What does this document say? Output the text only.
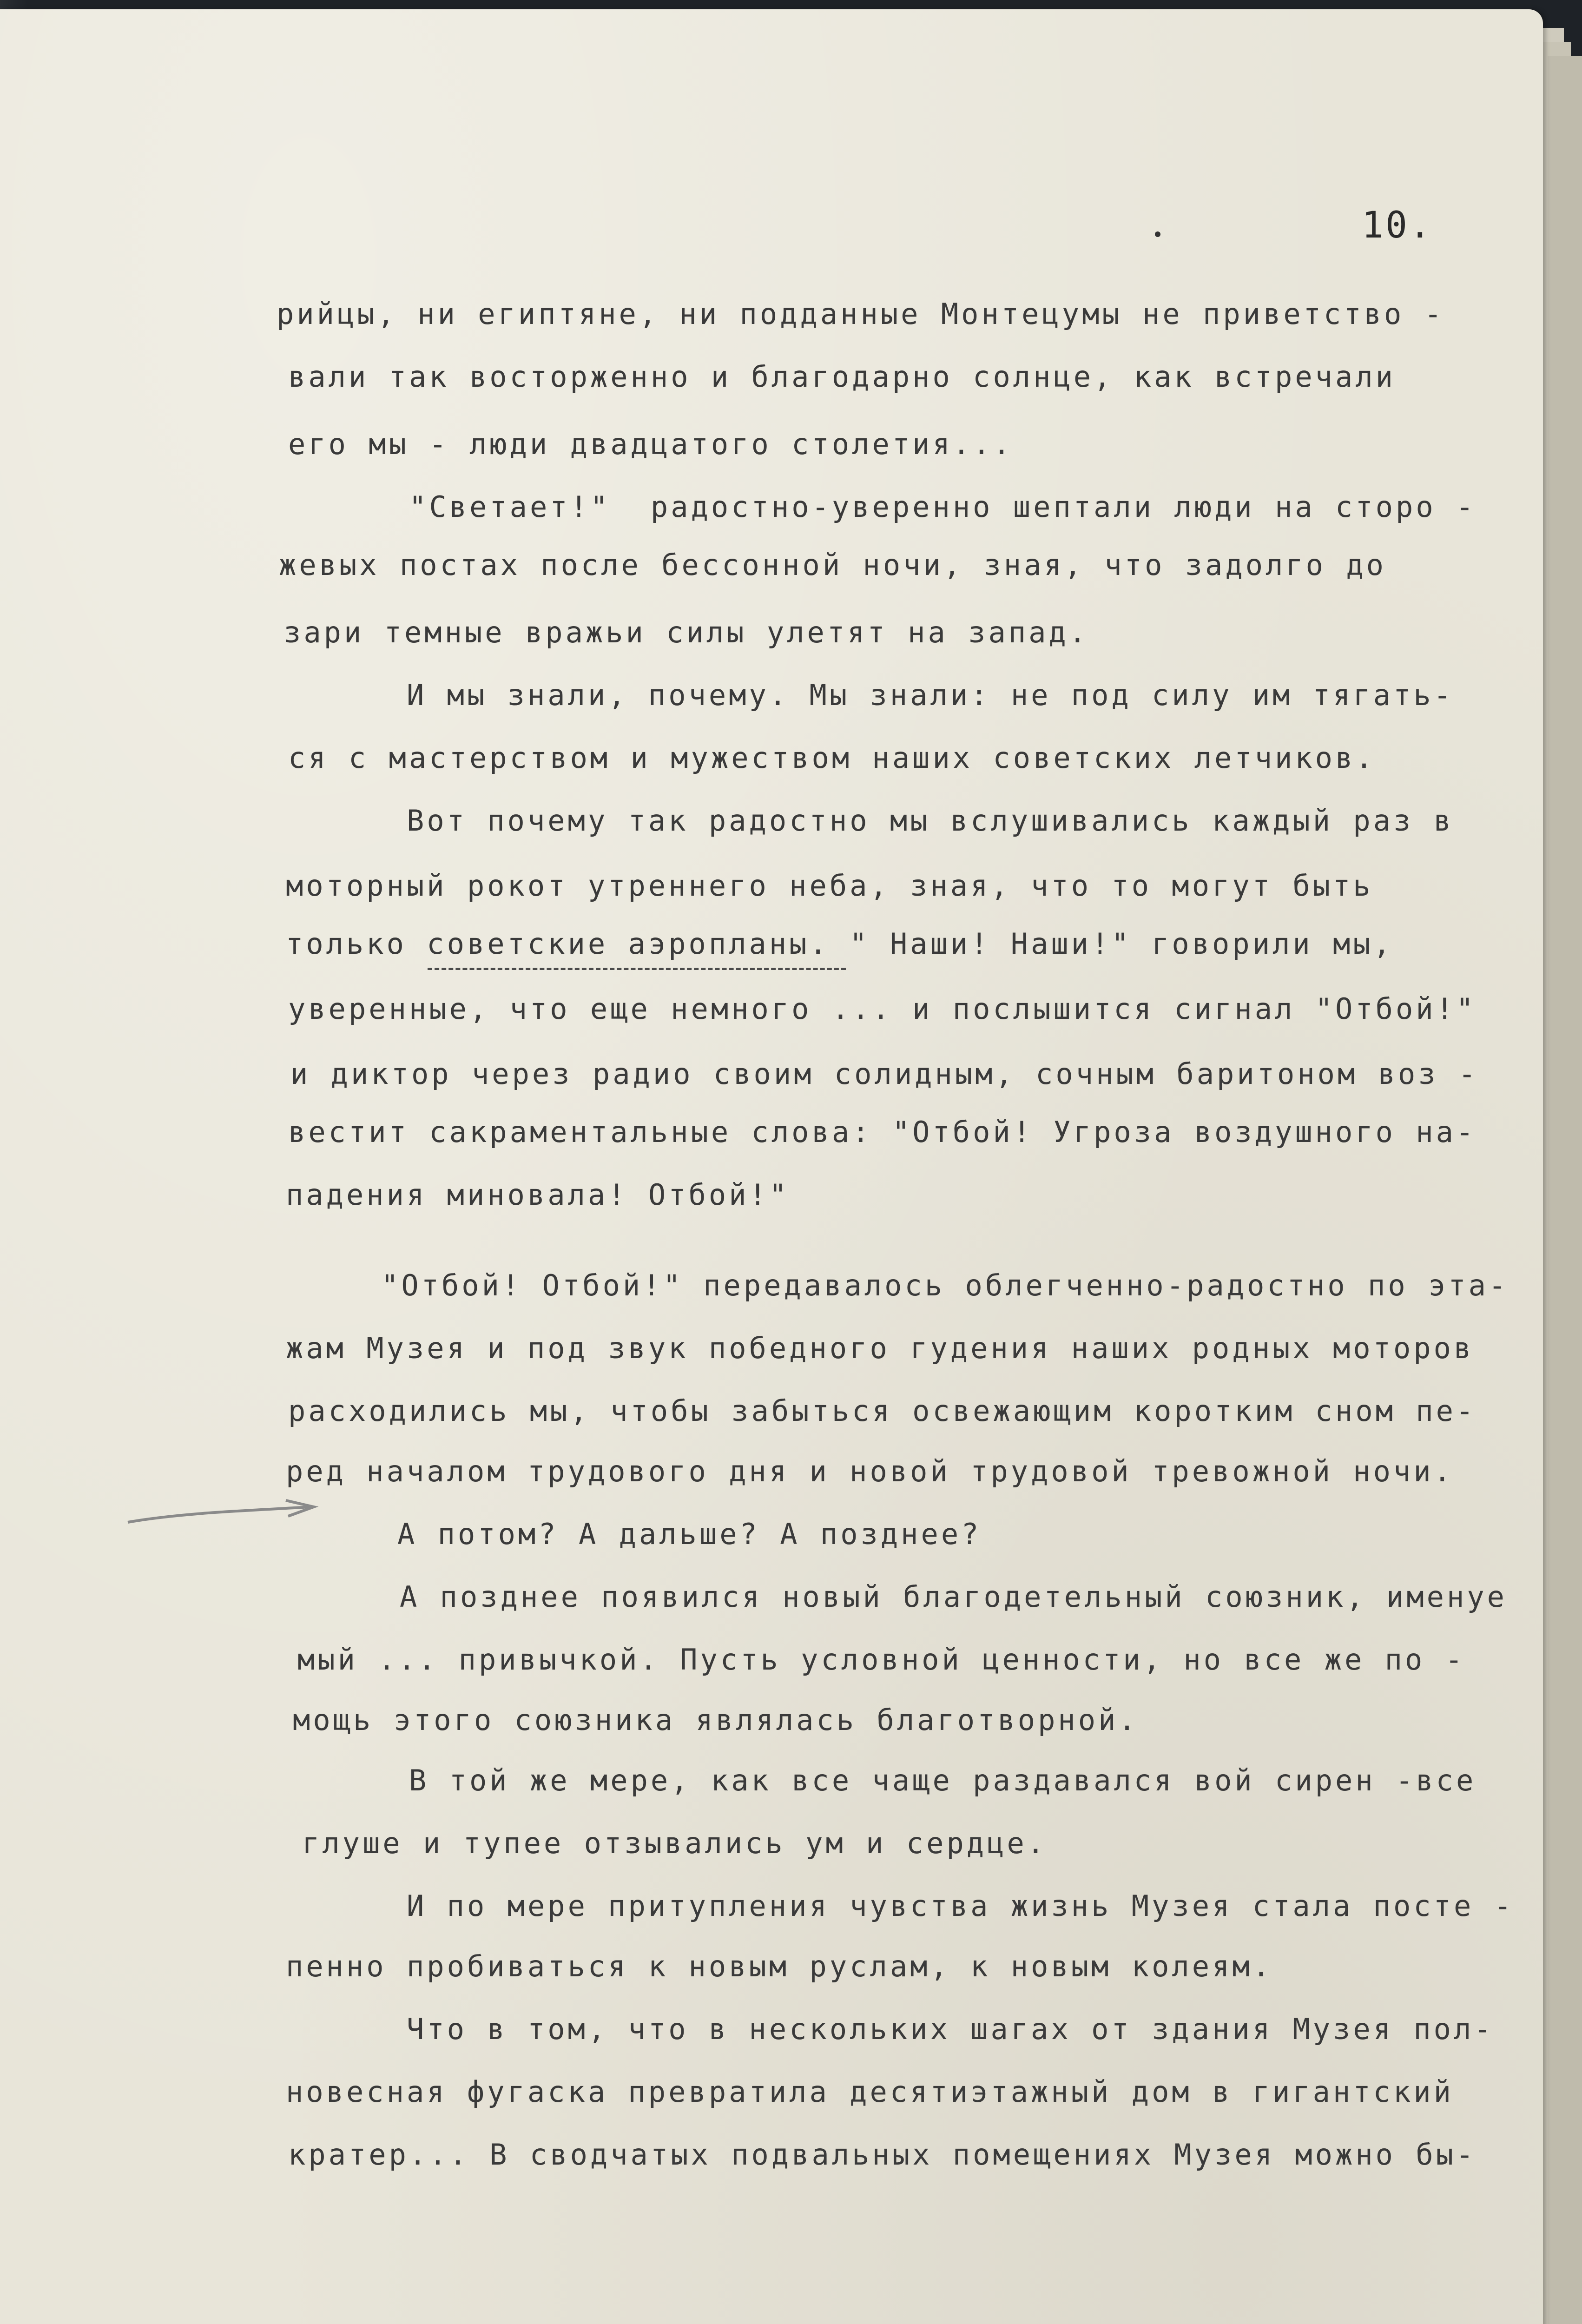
10.
рийцы, ни египтяне, ни подданные Монтецумы не приветство -
вали так восторженно и благодарно солнце, как встречали
его мы - люди двадцатого столетия...
"Светает!"  радостно-уверенно шептали люди на сторо -
жевых постах после бессонной ночи, зная, что задолго до
зари темные вражьи силы улетят на запад.
И мы знали, почему. Мы знали: не под силу им тягать-
ся с мастерством и мужеством наших советских летчиков.
Вот почему так радостно мы вслушивались каждый раз в
моторный рокот утреннего неба, зная, что то могут быть
только советские аэропланы. " Наши! Наши!" говорили мы,
уверенные, что еще немного ... и послышится сигнал "Отбой!"
и диктор через радио своим солидным, сочным баритоном воз -
вестит сакраментальные слова: "Отбой! Угроза воздушного на-
падения миновала! Отбой!"
"Отбой! Отбой!" передавалось облегченно-радостно по эта-
жам Музея и под звук победного гудения наших родных моторов
расходились мы, чтобы забыться освежающим коротким сном пе-
ред началом трудового дня и новой трудовой тревожной ночи.
А потом? А дальше? А позднее?
А позднее появился новый благодетельный союзник, именуе
мый ... привычкой. Пусть условной ценности, но все же по -
мощь этого союзника являлась благотворной.
В той же мере, как все чаще раздавался вой сирен -все
глуше и тупее отзывались ум и сердце.
И по мере притупления чувства жизнь Музея стала посте -
пенно пробиваться к новым руслам, к новым колеям.
Что в том, что в нескольких шагах от здания Музея пол-
новесная фугаска превратила десятиэтажный дом в гигантский
кратер... В сводчатых подвальных помещениях Музея можно бы-
